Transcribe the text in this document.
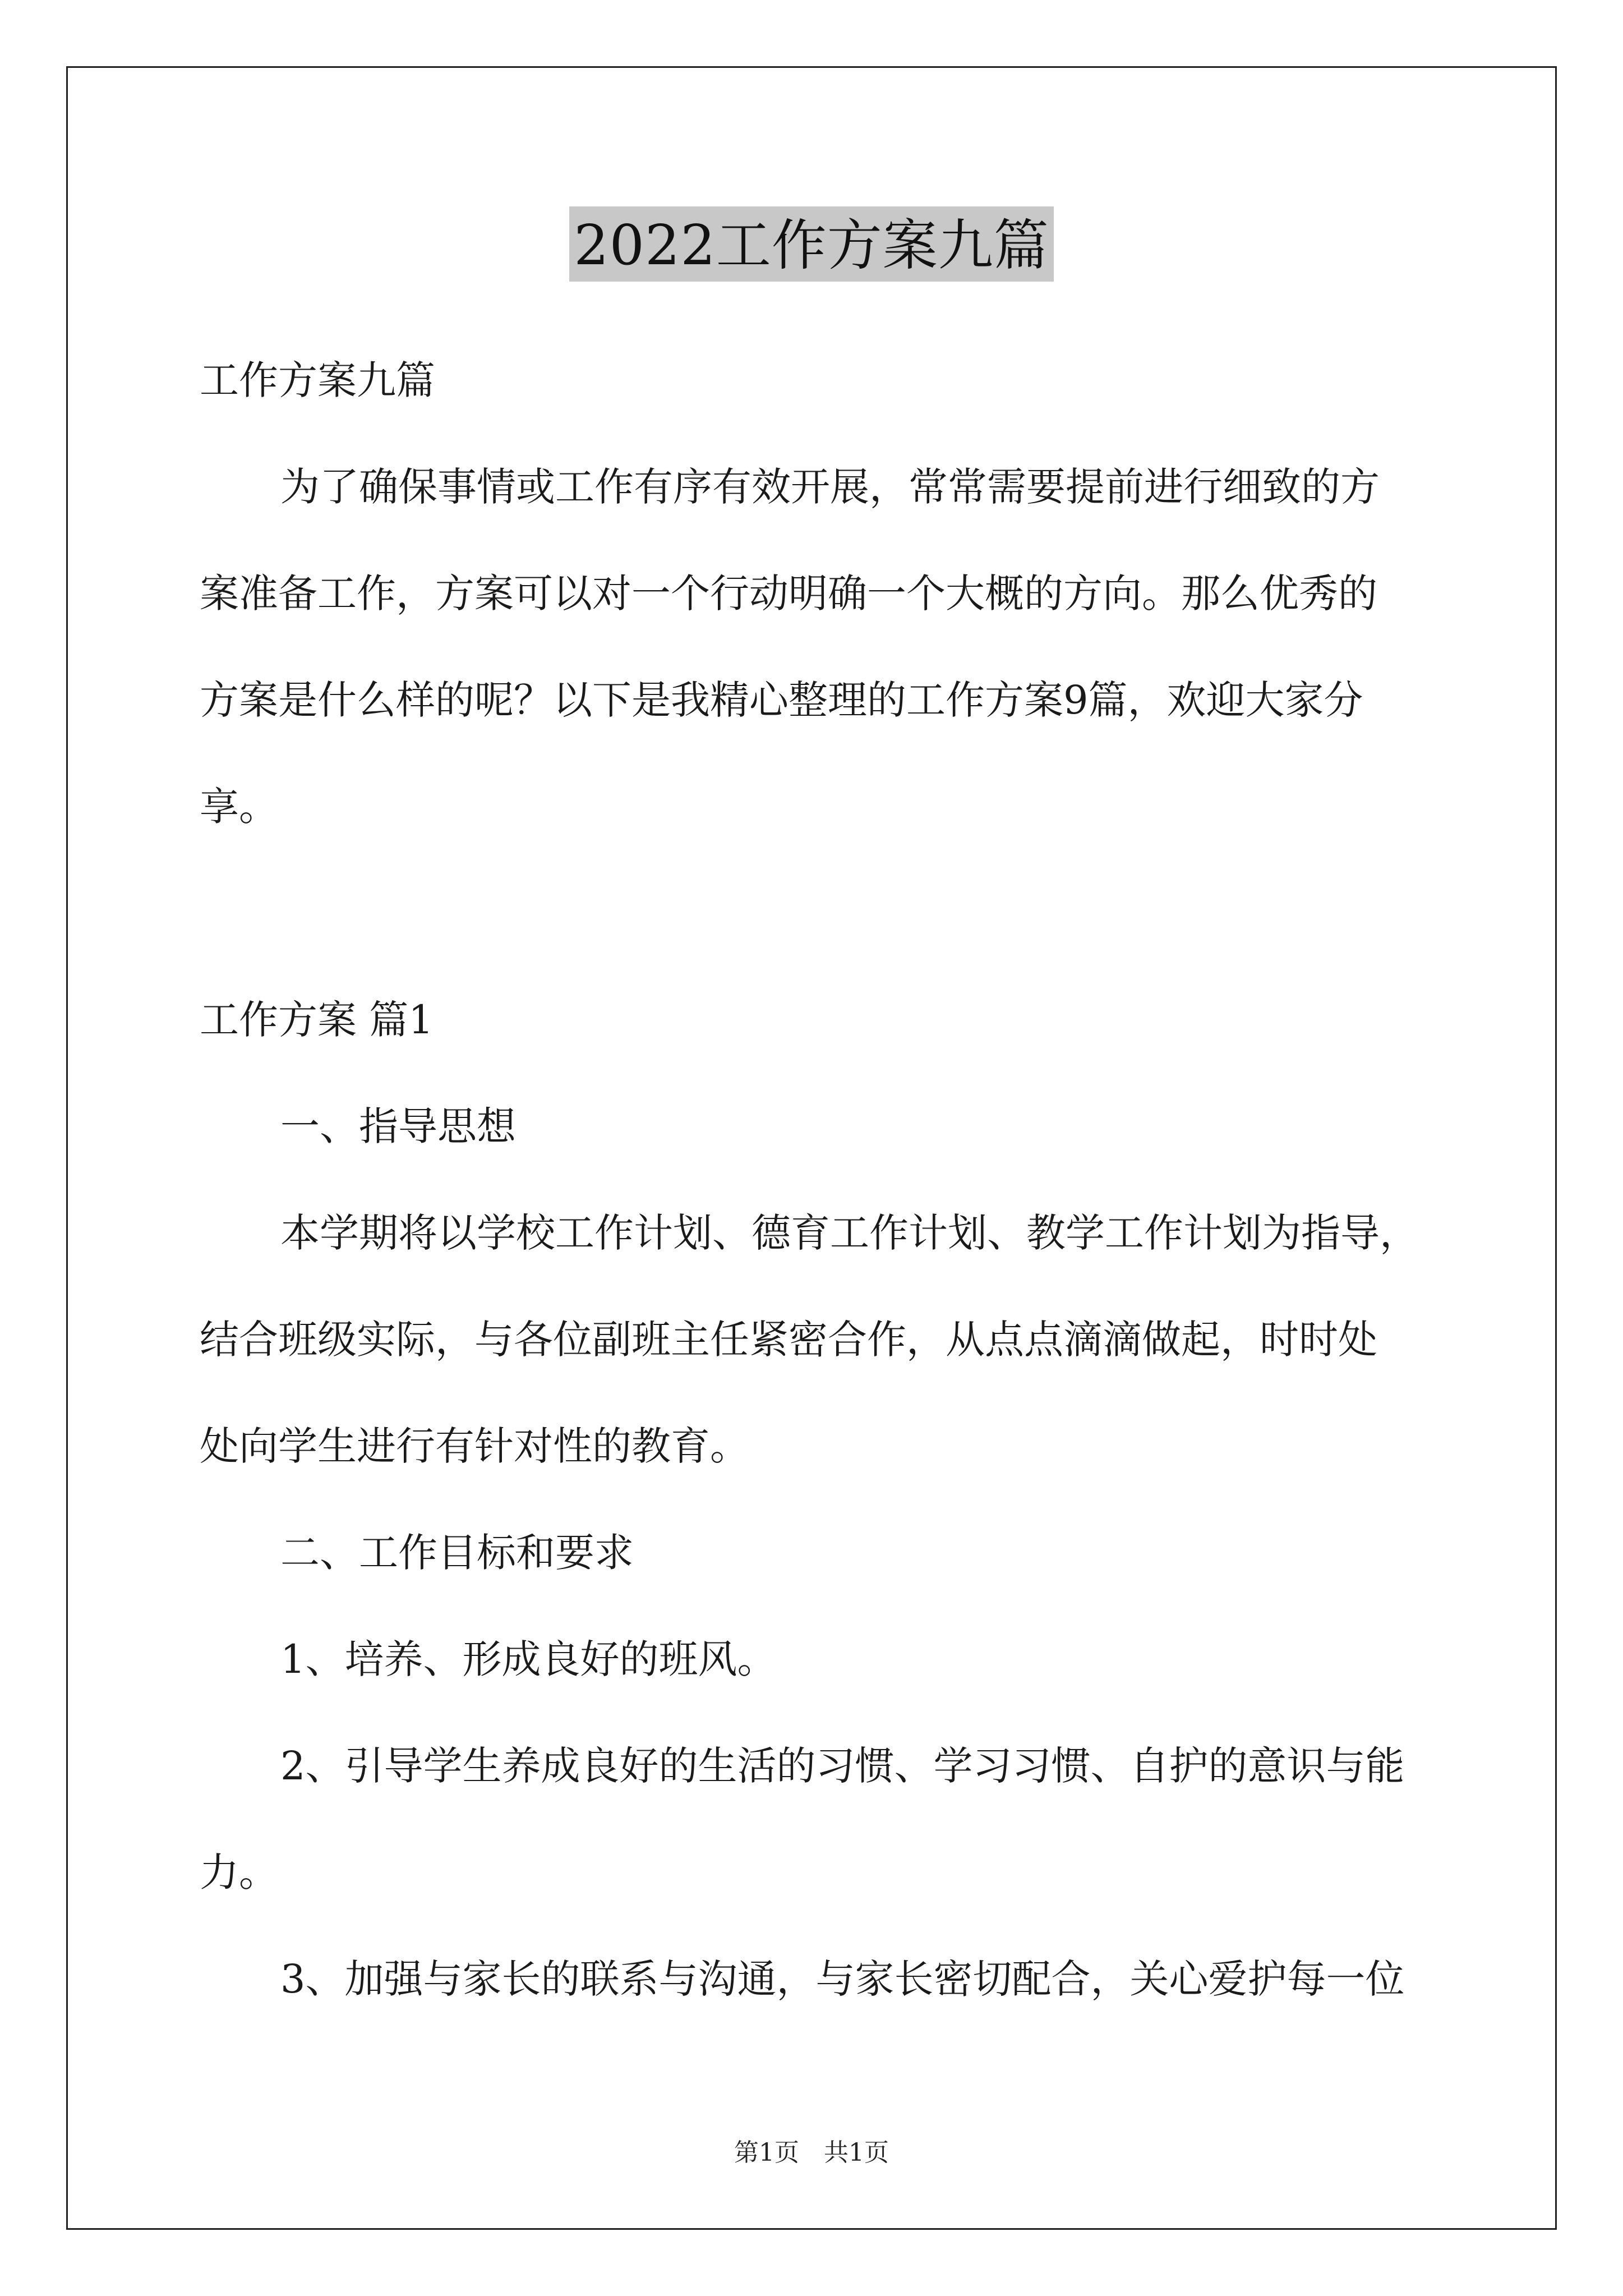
2022工作方案九篇
工作方案九篇
为了确保事情或工作有序有效开展，常常需要提前进行细致的方
案准备工作，方案可以对一个行动明确一个大概的方向。那么优秀的
方案是什么样的呢？以下是我精心整理的工作方案9篇，欢迎大家分
享。
工作方案 篇1
一、指导思想
本学期将以学校工作计划、德育工作计划、教学工作计划为指导，
结合班级实际，与各位副班主任紧密合作，从点点滴滴做起，时时处
处向学生进行有针对性的教育。
二、工作目标和要求
1、培养、形成良好的班风。
2、引导学生养成良好的生活的习惯、学习习惯、自护的意识与能
力。
3、加强与家长的联系与沟通，与家长密切配合，关心爱护每一位
第1页　共1页
